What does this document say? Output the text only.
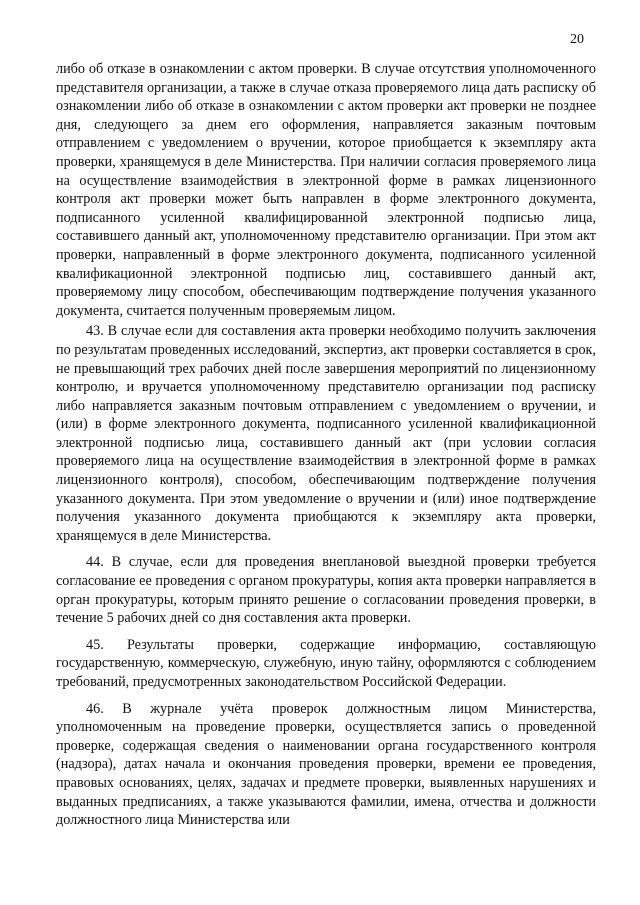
20

либо об отказе в ознакомлении с актом проверки. В случае отсутствия уполномоченного представителя организации, а также в случае отказа проверяемого лица дать расписку об ознакомлении либо об отказе в ознакомлении с актом проверки акт проверки не позднее дня, следующего за днем его оформления, направляется заказным почтовым отправлением с уведомлением о вручении, которое приобщается к экземпляру акта проверки, хранящемуся в деле Министерства. При наличии согласия проверяемого лица на осуществление взаимодействия в электронной форме в рамках лицензионного контроля акт проверки может быть направлен в форме электронного документа, подписанного усиленной квалифицированной электронной подписью лица, составившего данный акт, уполномоченному представителю организации. При этом акт проверки, направленный в форме электронного документа, подписанного усиленной квалификационной электронной подписью лиц, составившего данный акт, проверяемому лицу способом, обеспечивающим подтверждение получения указанного документа, считается полученным проверяемым лицом.

43. В случае если для составления акта проверки необходимо получить заключения по результатам проведенных исследований, экспертиз, акт проверки составляется в срок, не превышающий трех рабочих дней после завершения мероприятий по лицензионному контролю, и вручается уполномоченному представителю организации под расписку либо направляется заказным почтовым отправлением с уведомлением о вручении, и (или) в форме электронного документа, подписанного усиленной квалификационной электронной подписью лица, составившего данный акт (при условии согласия проверяемого лица на осуществление взаимодействия в электронной форме в рамках лицензионного контроля), способом, обеспечивающим подтверждение получения указанного документа. При этом уведомление о вручении и (или) иное подтверждение получения указанного документа приобщаются к экземпляру акта проверки, хранящемуся в деле Министерства.

44. В случае, если для проведения внеплановой выездной проверки требуется согласование ее проведения с органом прокуратуры, копия акта проверки направляется в орган прокуратуры, которым принято решение о согласовании проведения проверки, в течение 5 рабочих дней со дня составления акта проверки.

45. Результаты проверки, содержащие информацию, составляющую государственную, коммерческую, служебную, иную тайну, оформляются с соблюдением требований, предусмотренных законодательством Российской Федерации.

46. В журнале учёта проверок должностным лицом Министерства, уполномоченным на проведение проверки, осуществляется запись о проведенной проверке, содержащая сведения о наименовании органа государственного контроля (надзора), датах начала и окончания проведения проверки, времени ее проведения, правовых основаниях, целях, задачах и предмете проверки, выявленных нарушениях и выданных предписаниях, а также указываются фамилии, имена, отчества и должности должностного лица Министерства или
